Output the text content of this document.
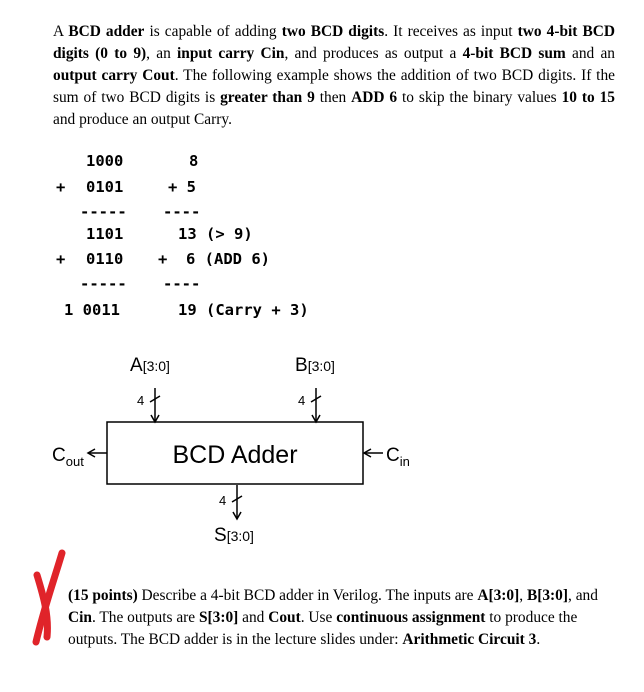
A BCD adder is capable of adding two BCD digits. It receives as input two 4-bit BCD digits (0 to 9), an input carry Cin, and produces as output a 4-bit BCD sum and an output carry Cout. The following example shows the addition of two BCD digits. If the sum of two BCD digits is greater than 9 then ADD 6 to skip the binary values 10 to 15 and produce an output Carry.
1000	8
+ 0101	+ 5
----- ----
1101	13 (> 9)
+ 0110 +  6 (ADD 6)
----- ----
1 0011	19 (Carry + 3)
A[3:0]	B[3:0]
4	4
4
BCD Adder
$C_{out}$	$C_{in}$
S[3:0]
(15 points) Describe a 4-bit BCD adder in Verilog. The inputs are A[3:0], B[3:0], and Cin. The outputs are S[3:0] and Cout. Use continuous assignment to produce the outputs. The BCD adder is in the lecture slides under: Arithmetic Circuit 3.
